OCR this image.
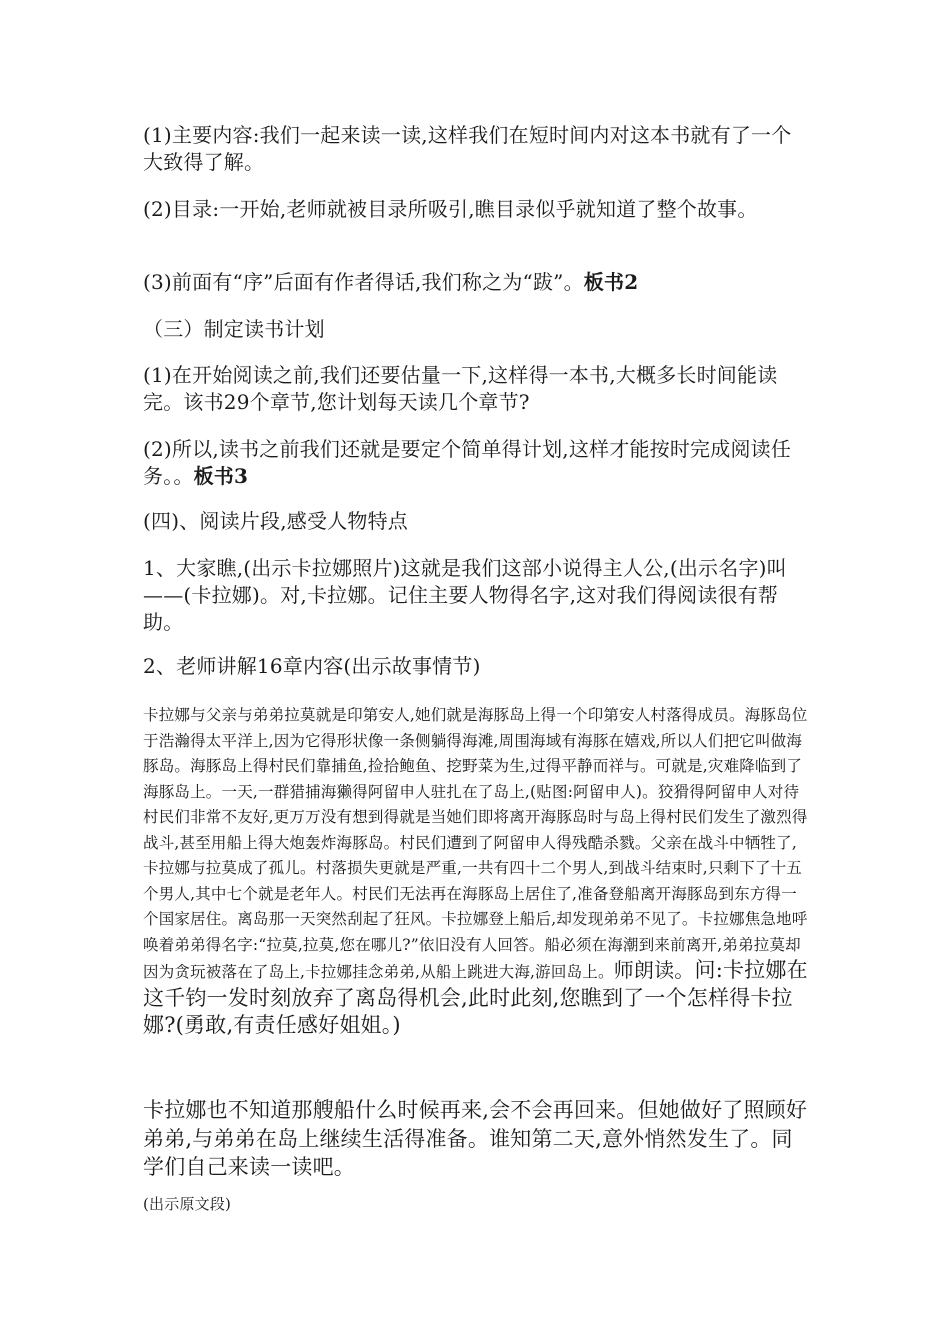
(1)主要内容:我们一起来读一读,这样我们在短时间内对这本书就有了一个大致得了解。

(2)目录:一开始,老师就被目录所吸引,瞧目录似乎就知道了整个故事。

(3)前面有“序”后面有作者得话,我们称之为“跋”。板书2

（三）制定读书计划

(1)在开始阅读之前,我们还要估量一下,这样得一本书,大概多长时间能读完。该书29个章节,您计划每天读几个章节?

(2)所以,读书之前我们还就是要定个简单得计划,这样才能按时完成阅读任务。。板书3

(四)、阅读片段,感受人物特点

1、大家瞧,(出示卡拉娜照片)这就是我们这部小说得主人公,(出示名字)叫——(卡拉娜)。对,卡拉娜。记住主要人物得名字,这对我们得阅读很有帮助。

2、老师讲解16章内容(出示故事情节)

卡拉娜与父亲与弟弟拉莫就是印第安人,她们就是海豚岛上得一个印第安人村落得成员。海豚岛位于浩瀚得太平洋上,因为它得形状像一条侧躺得海滩,周围海域有海豚在嬉戏,所以人们把它叫做海豚岛。海豚岛上得村民们靠捕鱼,捡拾鲍鱼、挖野菜为生,过得平静而祥与。可就是,灾难降临到了海豚岛上。一天,一群猎捕海獭得阿留申人驻扎在了岛上,(贴图:阿留申人)。狡猾得阿留申人对待村民们非常不友好,更万万没有想到得就是当她们即将离开海豚岛时与岛上得村民们发生了激烈得战斗,甚至用船上得大炮轰炸海豚岛。村民们遭到了阿留申人得残酷杀戮。父亲在战斗中牺牲了,卡拉娜与拉莫成了孤儿。村落损失更就是严重,一共有四十二个男人,到战斗结束时,只剩下了十五个男人,其中七个就是老年人。村民们无法再在海豚岛上居住了,准备登船离开海豚岛到东方得一个国家居住。离岛那一天突然刮起了狂风。卡拉娜登上船后,却发现弟弟不见了。卡拉娜焦急地呼唤着弟弟得名字:“拉莫,拉莫,您在哪儿?”依旧没有人回答。船必须在海潮到来前离开,弟弟拉莫却因为贪玩被落在了岛上,卡拉娜挂念弟弟,从船上跳进大海,游回岛上。师朗读。问:卡拉娜在这千钧一发时刻放弃了离岛得机会,此时此刻,您瞧到了一个怎样得卡拉娜?(勇敢,有责任感好姐姐。)

卡拉娜也不知道那艘船什么时候再来,会不会再回来。但她做好了照顾好弟弟,与弟弟在岛上继续生活得准备。谁知第二天,意外悄然发生了。同学们自己来读一读吧。

(出示原文段)
